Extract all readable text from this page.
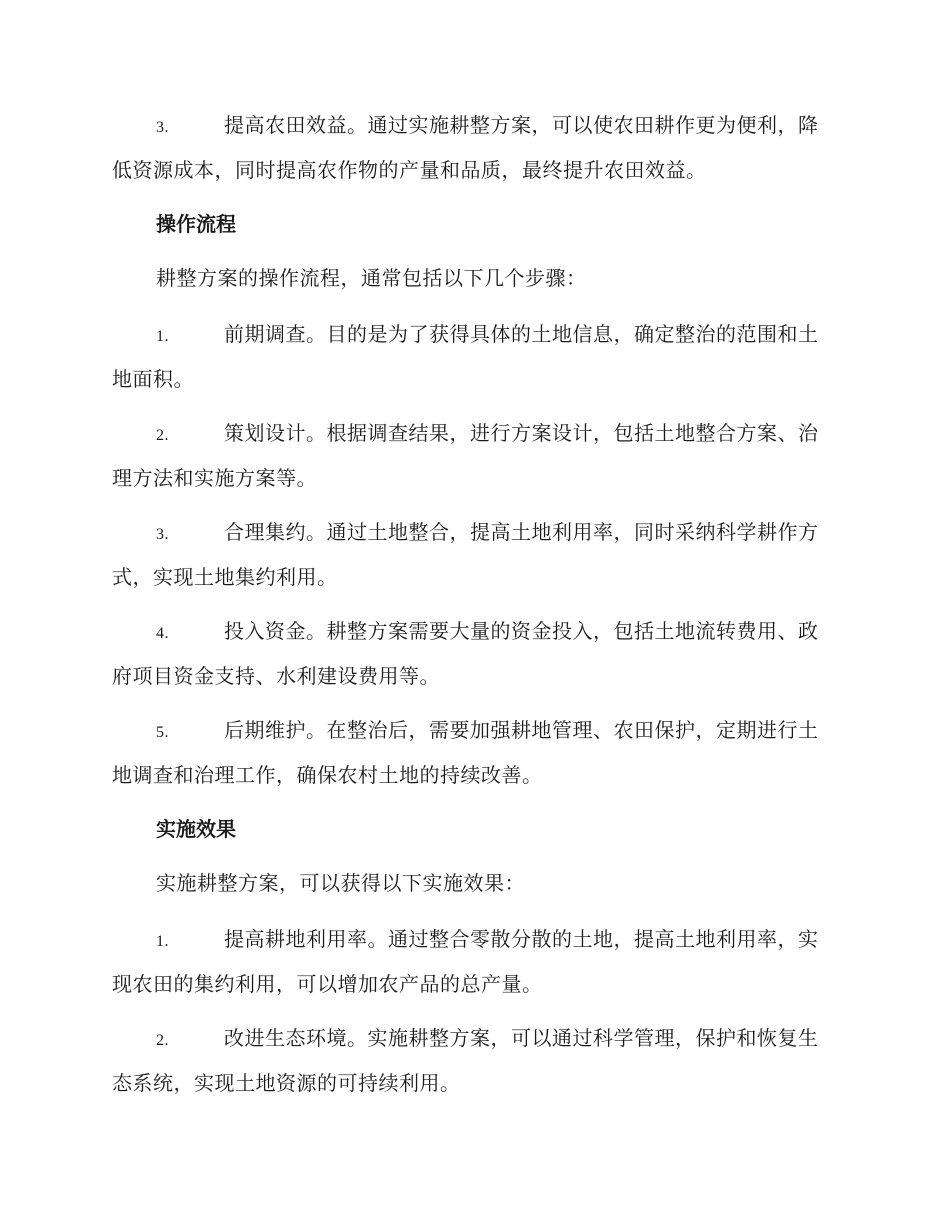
3.	提高农田效益。通过实施耕整方案，可以使农田耕作更为便利，降低资源成本，同时提高农作物的产量和品质，最终提升农田效益。

操作流程

耕整方案的操作流程，通常包括以下几个步骤：

1.	前期调查。目的是为了获得具体的土地信息，确定整治的范围和土地面积。

2.	策划设计。根据调查结果，进行方案设计，包括土地整合方案、治理方法和实施方案等。

3.	合理集约。通过土地整合，提高土地利用率，同时采纳科学耕作方式，实现土地集约利用。

4.	投入资金。耕整方案需要大量的资金投入，包括土地流转费用、政府项目资金支持、水利建设费用等。

5.	后期维护。在整治后，需要加强耕地管理、农田保护，定期进行土地调查和治理工作，确保农村土地的持续改善。

实施效果

实施耕整方案，可以获得以下实施效果：

1.	提高耕地利用率。通过整合零散分散的土地，提高土地利用率，实现农田的集约利用，可以增加农产品的总产量。

2.	改进生态环境。实施耕整方案，可以通过科学管理，保护和恢复生态系统，实现土地资源的可持续利用。
